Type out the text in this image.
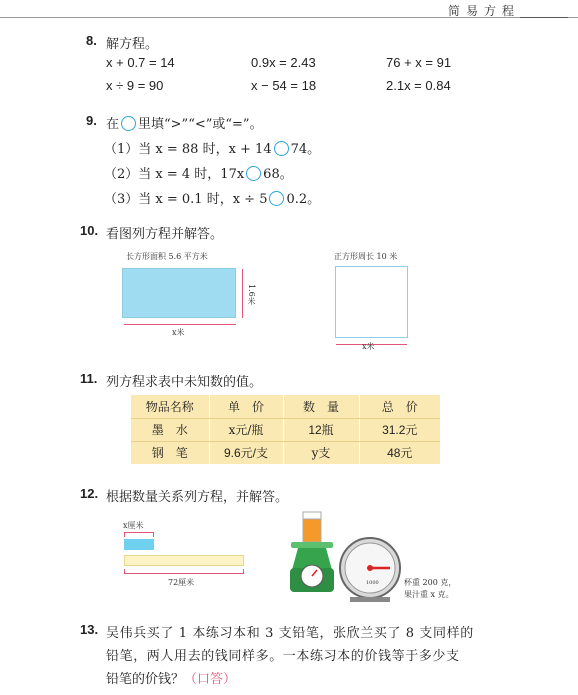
简易方程
8. 解方程。
x + 0.7 = 14	0.9x = 2.43	76 + x = 91
x ÷ 9 = 90	x − 54 = 18	2.1x = 0.84
9. 在 里填“>”“<”或“=”。
（1）当 x = 88 时，x + 14 74。
（2）当 x = 4 时，17x 68。
（3）当 x = 0.1 时，x ÷ 5 0.2。
10. 看图列方程并解答。
长方形面积 5.6 平方米
1.6米
x米
正方形周长 10 米
x米
11. 列方程求表中未知数的值。
物品名称	单　价	数　量	总　价
墨　水	x元/瓶	12瓶	31.2元
钢　笔	9.6元/支	y支	48元
12. 根据数量关系列方程，并解答。
x厘米
72厘米	1000	杯重 200 克，
果汁重 x 克。
13. 吴伟兵买了 1 本练习本和 3 支铅笔，张欣兰买了 8 支同样的
铅笔，两人用去的钱同样多。一本练习本的价钱等于多少支
铅笔的价钱？（口答）
